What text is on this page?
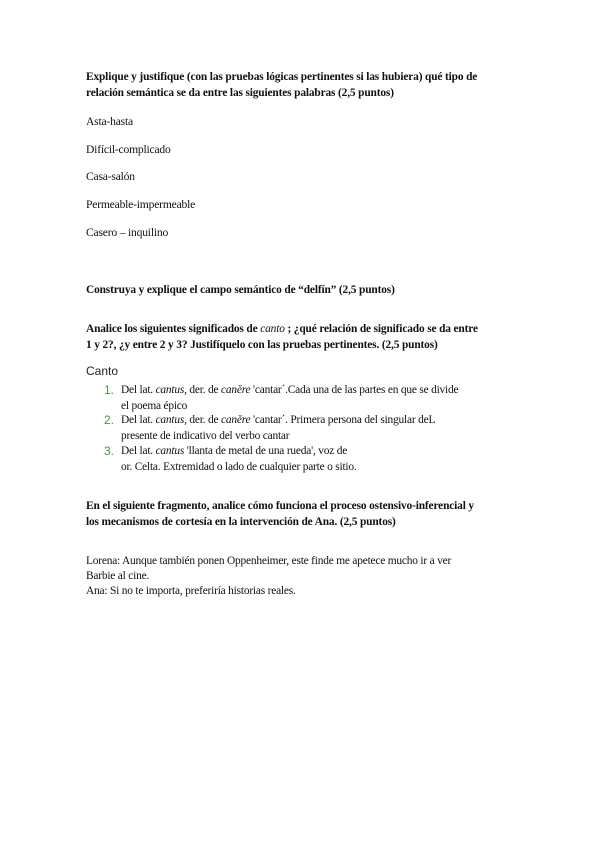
Explique y justifique (con las pruebas lógicas pertinentes si las hubiera) qué tipo de
relación semántica se da entre las siguientes palabras (2,5 puntos)
Asta-hasta
Difícil-complicado
Casa-salón
Permeable-impermeable
Casero – inquilino
Construya y explique el campo semántico de “delfín” (2,5 puntos)
Analice los siguientes significados de canto ; ¿qué relación de significado se da entre
1 y 2?, ¿y entre 2 y 3? Justifíquelo con las pruebas pertinentes. (2,5 puntos)
Canto
1. Del lat. cantus, der. de canĕre 'cantar´.Cada una de las partes en que se divide
el poema épico
2. Del lat. cantus, der. de canĕre 'cantar´. Primera persona del singular deL
presente de indicativo del verbo cantar
3. Del lat. cantus 'llanta de metal de una rueda', voz de
or. Celta. Extremidad o lado de cualquier parte o sitio.
En el siguiente fragmento, analice cómo funciona el proceso ostensivo-inferencial y
los mecanismos de cortesía en la intervención de Ana. (2,5 puntos)
Lorena: Aunque también ponen Oppenheimer, este finde me apetece mucho ir a ver
Barbie al cine.
Ana: Si no te importa, preferiría historias reales.
